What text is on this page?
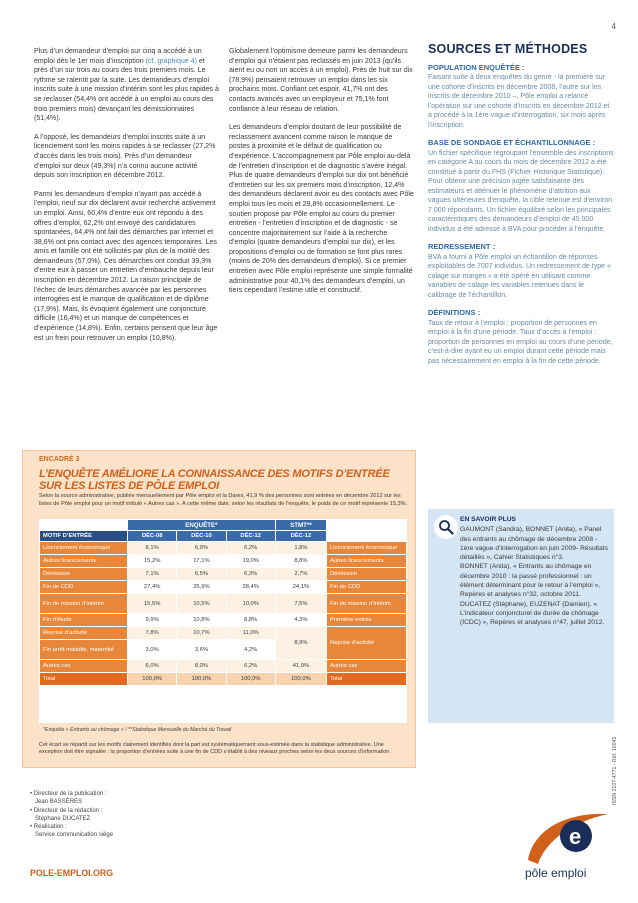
4

Plus d’un demandeur d’emploi sur cinq a accédé à un emploi dès le 1er mois d’inscription (cf. graphique 4) et près d’un sur trois au cours des trois premiers mois. Le rythme se ralentit par la suite. Les demandeurs d’emploi inscrits suite à une mission d’intérim sont les plus rapides à se reclasser (54,4% ont accédé à un emploi au cours des trois premiers mois) devançant les démissionnaires (51,4%).

A l’opposé, les demandeurs d’emploi inscrits suite à un licenciement sont les moins rapides à se reclasser (27,2% d’accès dans les trois mois). Près d’un demandeur d’emploi sur deux (49,3%) n’a connu aucune activité depuis son inscription en décembre 2012.

Parmi les demandeurs d’emploi n’ayant pas accédé à l’emploi, neuf sur dix déclarent avoir recherché activement un emploi. Ainsi, 60,4% d’entre eux ont répondu à des offres d’emploi, 62,2% ont envoyé des candidatures spontanées, 64,4% ont fait des démarches par internet et 38,6% ont pris contact avec des agences temporaires. Les amis et famille ont été sollicités par plus de la moitié des demandeurs (57,0%). Ces démarches ont conduit 39,3% d’entre eux à passer un entretien d’embauche depuis leur inscription en décembre 2012. La raison principale de l’échec de leurs démarches avancée par les personnes interrogées est le manque de qualification et de diplôme (17,9%). Mais, ils évoquent également une conjoncture difficile (16,4%) et un manque de compétences et d’expérience (14,8%). Enfin, certains pensent que leur âge est un frein pour retrouver un emploi (10,8%).

Globalement l’optimisme demeure parmi les demandeurs d’emploi qui n’étaient pas reclassés en juin 2013 (qu’ils aient eu ou non un accès à un emploi). Près de huit sur dix (78,9%) pensaient retrouver un emploi dans les six prochains mois. Confiant cet espoir, 41,7% ont des contacts avancés avec un employeur et 75,1% font confiance à leur réseau de relation.

Les demandeurs d’emploi doutant de leur possibilité de reclassement avancent comme raison le manque de postes à proximité et le défaut de qualification ou d’expérience. L’accompagnement par Pôle emploi au-delà de l’entretien d’inscription et de diagnostic s’avère inégal. Plus de quatre demandeurs d’emploi sur dix ont bénéficié d’entretien sur les six premiers mois d’inscription, 12,4% des demandeurs déclarent avoir eu des contacts avec Pôle emploi tous les mois et 29,8% occasionnellement. Le soutien proposé par Pôle emploi au cours du premier entretien - l’entretien d’inscription et de diagnostic - se concentre majoritairement sur l’aide à la recherche d’emploi (quatre demandeurs d’emploi sur dix), et les propositions d’emploi ou de formation se font plus rares (moins de 20% des demandeurs d’emploi). Si ce premier entretien avec Pôle emploi représente une simple formalité administrative pour 40,1% des demandeurs d’emploi, un tiers cependant l’estime utile et constructif.

SOURCES ET MÉTHODES
POPULATION ENQUÊTÉE :

Faisant suite à deux enquêtes du genre - la première sur une cohorte d’inscrits en décembre 2008, l’autre sur les inscrits de décembre 2010 –, Pôle emploi a relancé l’opération sur une cohorte d’inscrits en décembre 2012 et a procédé à la 1ère vague d’interrogation, six mois après l’inscription.

BASE DE SONDAGE ET ÉCHANTILLONNAGE :

Un fichier spécifique regroupant l’ensemble des inscriptions en catégorie A au cours du mois de décembre 2012 a été constitué à partir du FHS (Fichier Historique Statistique). Pour obtenir une précision jugée satisfaisante des estimateurs et atténuer le phénomène d’attrition aux vagues ultérieures d’enquête, la cible retenue est d’environ 7 000 répondants. Un fichier équilibré selon les principales caractéristiques des demandeurs d’emploi de 45 000 individus a été adressé à BVA pour procéder à l’enquête.

REDRESSEMENT :

BVA a fourni à Pôle emploi un échantillon de réponses exploitables de 7007 individus. Un redressement de type « calage sur marges » a été opéré en utilisant comme variables de calage les variables retenues dans le calibrage de l’échantillon.

DÉFINITIONS :

Taux de retour à l’emploi : proportion de personnes en emploi à la fin d’une période. Taux d’accès à l’emploi : proportion de personnes en emploi au cours d’une période, c’est-à-dire ayant eu un emploi durant cette période mais pas nécessairement en emploi à la fin de cette période.

ENCADRÉ 3
L’ENQUÊTE AMÉLIORE LA CONNAISSANCE DES MOTIFS D’ENTRÉE SUR LES LISTES DE PÔLE EMPLOI
Selon la source administrative, publiée mensuellement par Pôle emploi et la Dares, 41,9 % des personnes sont entrées en décembre 2012 sur les listes de Pôle emploi pour un motif intitulé « Autres cas ». A cette même date, selon les résultats de l’enquête, le poids de ce motif représente 15,3%.
	ENQUÊTE*			STMT**	
MOTIF D’ENTRÉE	DÉC-08	DÉC-10	DÉC-12	DÉC-12	
Licenciement économique	8,1%	6,9%	6,2%	1,8%	Licenciement économique
Autres licenciements	15,2%	17,1%	19,0%	8,8%	Autres licenciements
Démission	7,1%	6,5%	6,3%	2,7%	Démission
Fin de CDD	27,4%	25,9%	28,4%	24,1%	Fin de CDD
Fin de mission d’intérim	15,5%	10,5%	10,0%	7,5%	Fin de mission d’intérim
Fin d’étude	9,9%	10,8%	8,8%	4,3%	Première entrée
Reprise d’activité	7,8%	10,7%	11,0%	8,9%	Reprise d’activité
Fin arrêt maladie, maternité	3,0%	3,6%	4,2%		
Autres cas	6,0%	8,0%	6,2%	41,9%	Autres cas
Total	100,0%	100,0%	100,0%	100,0%	Total
*Enquête « Entrants au chômage » / **Statistique Mensuelle du Marché du Travail
Cet écart se répartit sur les motifs clairement identifiés dont la part est systématiquement sous-estimée dans la statistique administrative. Une exception doit être signalée : la proportion d’entrées suite à une fin de CDD s’établit à des niveaux proches selon les deux sources d’information.
EN SAVOIR PLUS
GAUMONT (Sandra), BONNET (Anita), « Panel des entrants au chômage de décembre 2008 - 1ère vague d’interrogation en juin 2009- Résultats détaillés », Cahier Statistiques n°3.
BONNET (Anita), « Entrants au chômage en décembre 2010 : la passé professionnel : un élément déterminant pour le retour à l’emploi », Repères et analyses n°32, octobre 2011.
DUCATEZ (Stéphane), EUZENAT (Damien), « L’indicateur conjoncturel de durée de chômage (ICDC) », Repères et analyses n°47, juillet 2012.
ISSN 2107-4771 - Réf. 10042
• Directeur de la publication :
Jean BASSÈRES
• Directeur de la rédaction :
Stéphane DUCATEZ
• Réalisation :
Service communication siège
POLE-EMPLOI.ORG
e
pôle emploi
